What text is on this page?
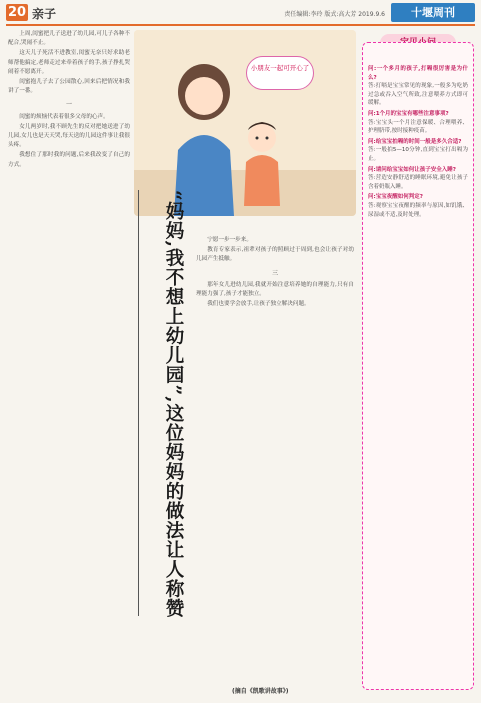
20 亲子	责任编辑:李玲 版式:高大芳 2019.9.6	十堰周刊

上周,闺蜜把儿子送进了幼儿园,可儿子各种不配合,哭闹不止。

这天儿子死活不进教室,闺蜜无奈只好求助老师帮他搞定,老师走过来牵着孩子的手,孩子挣扎哭闹着不愿离开。

闺蜜抱儿子去了公园散心,回来后把情况和我讲了一番。

一

闺蜜的烦恼代表着很多父母的心声。

女儿两岁时,我不顾先生的反对把她送进了幼儿园,女儿也是天天哭,每天送的儿园这件事让我很头疼。

我想住了那时我的问题,后来我改变了自己的方式。

小朋友一起可开心了
“妈妈,我不想上幼儿园”,这位妈妈的做法让人称赞	宁愿一步一步来。

教育专家表示,祖辈对孩子的照顾过于周到,也会让孩子对幼儿园产生抵触。

三

那年女儿进幼儿园,我就开始注意培养她的自理能力,只有自理能力强了,孩子才能独立。

我们也要学会放手,让孩子独立解决问题。

问:一个多月的孩子,打嗝很厉害是为什么?
答:打嗝是宝宝常见的现象,一般多为吃奶过急或吞入空气所致,注意喂养方式即可缓解。
问:1个月的宝宝有哪些注意事项?
答:宝宝头一个月注意保暖、合理喂养、护理脐带,按时接种疫苗。
问:给宝宝拍嗝的时间一般是多久合适?
答:一般拍5—10分钟,直到宝宝打出嗝为止。
问:请问给宝宝如何让孩子安全入睡?
答:营造安静舒适的睡眠环境,避免让孩子含着奶瓶入睡。
问:宝宝夜醒如何判定?
答:观察宝宝夜醒的频率与原因,如饥饿、尿湿或不适,及时处理。
(摘自《凯歌讲故事》)
